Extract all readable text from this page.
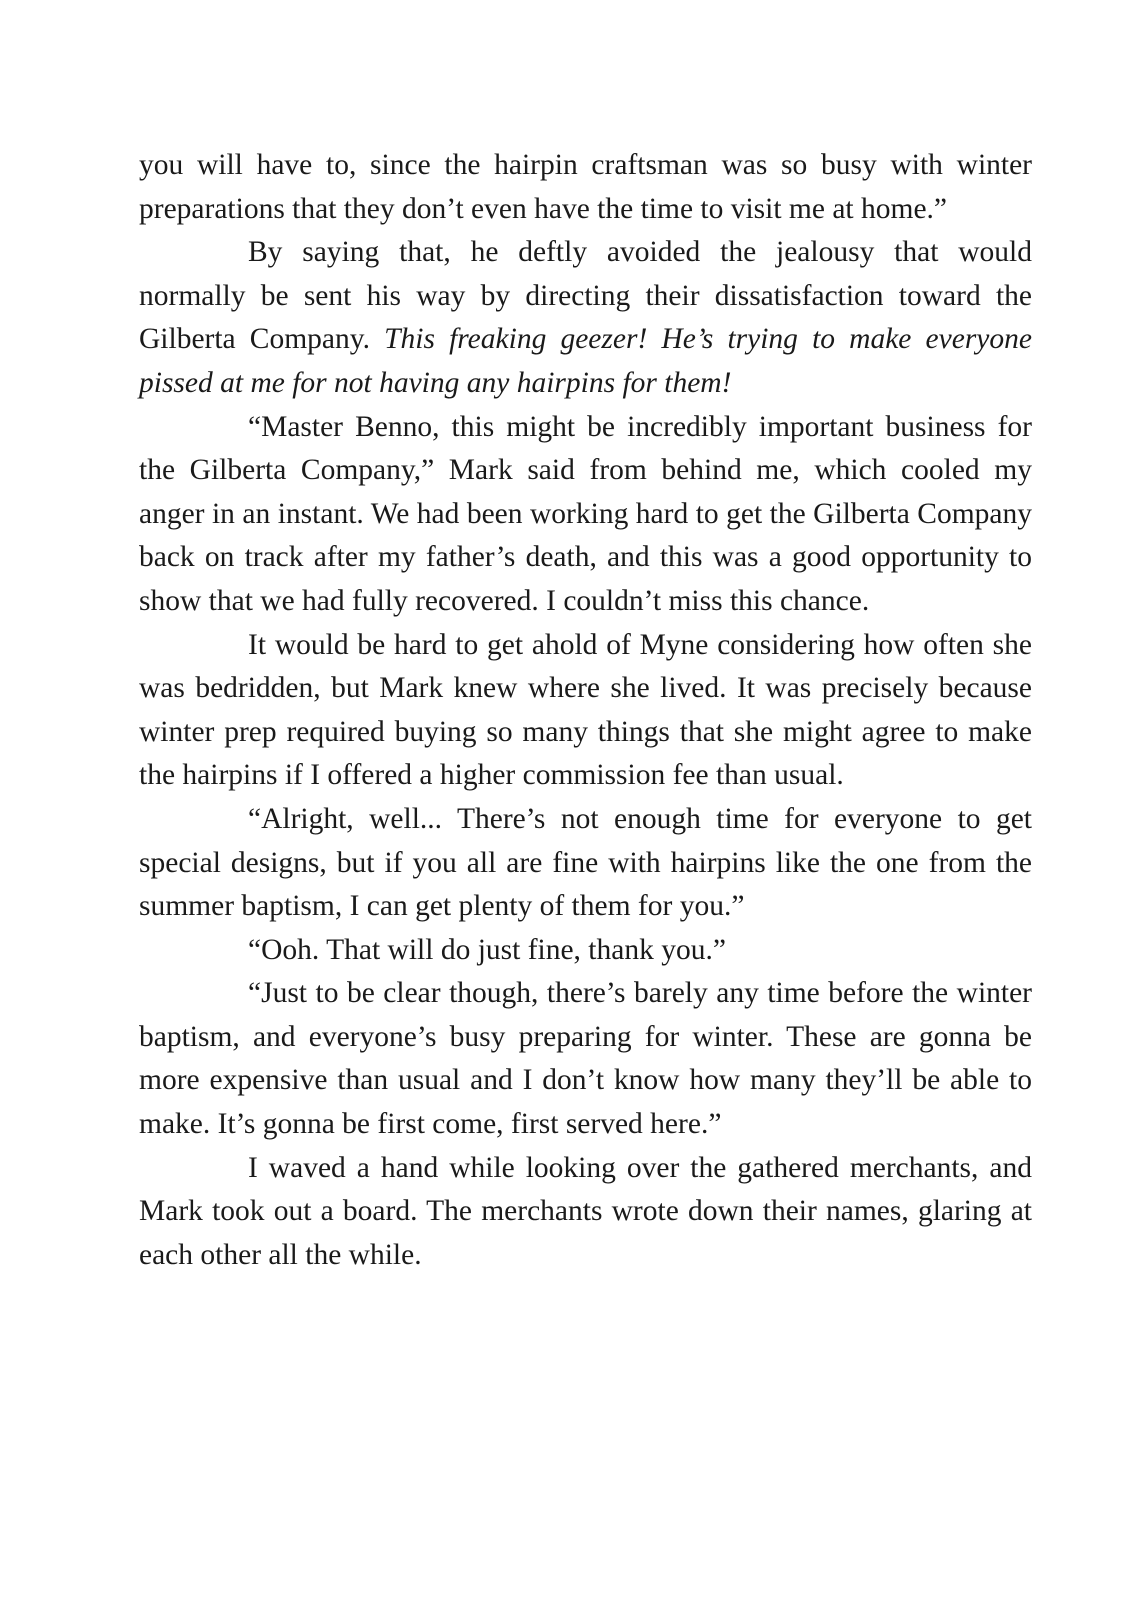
you will have to, since the hairpin craftsman was so busy with winter preparations that they don’t even have the time to visit me at home.”

By saying that, he deftly avoided the jealousy that would normally be sent his way by directing their dissatisfaction toward the Gilberta Company. This freaking geezer! He’s trying to make everyone pissed at me for not having any hairpins for them!

“Master Benno, this might be incredibly important business for the Gilberta Company,” Mark said from behind me, which cooled my anger in an instant. We had been working hard to get the Gilberta Company back on track after my father’s death, and this was a good opportunity to show that we had fully recovered. I couldn’t miss this chance.

It would be hard to get ahold of Myne considering how often she was bedridden, but Mark knew where she lived. It was precisely because winter prep required buying so many things that she might agree to make the hairpins if I offered a higher commission fee than usual.

“Alright, well... There’s not enough time for everyone to get special designs, but if you all are fine with hairpins like the one from the summer baptism, I can get plenty of them for you.”

“Ooh. That will do just fine, thank you.”

“Just to be clear though, there’s barely any time before the winter baptism, and everyone’s busy preparing for winter. These are gonna be more expensive than usual and I don’t know how many they’ll be able to make. It’s gonna be first come, first served here.”

I waved a hand while looking over the gathered merchants, and Mark took out a board. The merchants wrote down their names, glaring at each other all the while.
